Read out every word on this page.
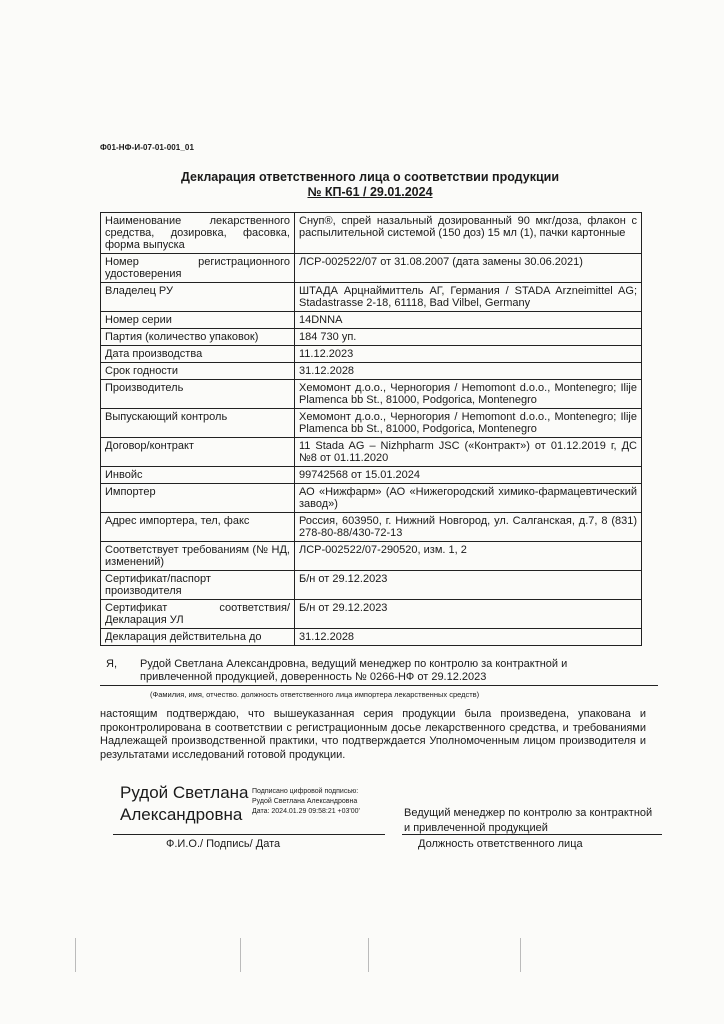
Ф01-НФ-И-07-01-001_01
Декларация ответственного лица о соответствии продукции
№ КП-61 / 29.01.2024
Наименование лекарственного средства, дозировка, фасовка, форма выпуска	Снуп®, спрей назальный дозированный 90 мкг/доза, флакон с распылительной системой (150 доз) 15 мл (1), пачки картонные
Номер регистрационного удостоверения	ЛСР-002522/07 от 31.08.2007 (дата замены 30.06.2021)
Владелец РУ	ШТАДА Арцнаймиттель АГ, Германия / STADA Arzneimittel AG; Stadastrasse 2-18, 61118, Bad Vilbel, Germany
Номер серии	14DNNA
Партия (количество упаковок)	184 730 уп.
Дата производства	11.12.2023
Срок годности	31.12.2028
Производитель	Хемомонт д.о.о., Черногория / Hemomont d.o.o., Montenegro; Ilije Plamenca bb St., 81000, Podgorica, Montenegro
Выпускающий контроль	Хемомонт д.о.о., Черногория / Hemomont d.o.o., Montenegro; Ilije Plamenca bb St., 81000, Podgorica, Montenegro
Договор/контракт	11 Stada AG – Nizhpharm JSC («Контракт») от 01.12.2019 г, ДС №8 от 01.11.2020
Инвойс	99742568 от 15.01.2024
Импортер	АО «Нижфарм» (АО «Нижегородский химико-фармацевтический завод»)
Адрес импортера, тел, факс	Россия, 603950, г. Нижний Новгород, ул. Салганская, д.7, 8 (831) 278-80-88/430-72-13
Соответствует требованиям (№ НД, изменений)	ЛСР-002522/07-290520, изм. 1, 2
Сертификат/паспорт производителя	Б/н от 29.12.2023
Сертификат соответствия/Декларация УЛ	Б/н от 29.12.2023
Декларация действительна до	31.12.2028
Я, Рудой Светлана Александровна, ведущий менеджер по контролю за контрактной и
привлеченной продукцией, доверенность № 0266-НФ от 29.12.2023
(Фамилия, имя, отчество. должность ответственного лица импортера лекарственных средств)
настоящим подтверждаю, что вышеуказанная серия продукции была произведена, упакована и проконтролирована в соответствии с регистрационным досье лекарственного средства, и требованиями Надлежащей производственной практики, что подтверждается Уполномоченным лицом производителя и результатами исследований готовой продукции.
Рудой Светлана
Александровна
Подписано цифровой подписью:
Рудой Светлана Александровна
Дата: 2024.01.29 09:58:21 +03'00'	Ведущий менеджер по контролю за контрактной
и привлеченной продукцией
Ф.И.О./ Подпись/ Дата	Должность ответственного лица
